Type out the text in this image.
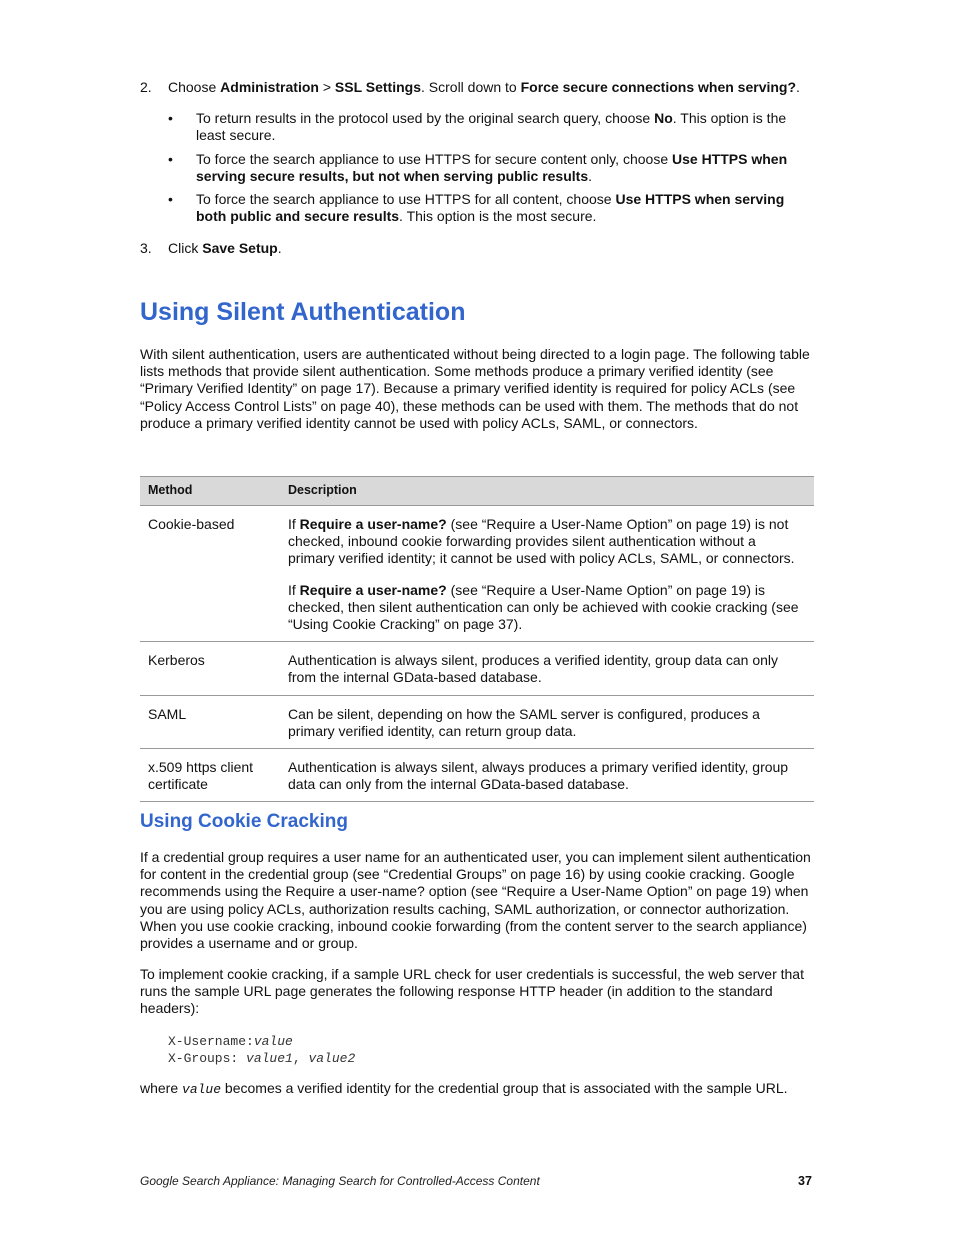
2. Choose Administration > SSL Settings. Scroll down to Force secure connections when serving?.
• To return results in the protocol used by the original search query, choose No. This option is the least secure.
• To force the search appliance to use HTTPS for secure content only, choose Use HTTPS when serving secure results, but not when serving public results.
• To force the search appliance to use HTTPS for all content, choose Use HTTPS when serving both public and secure results. This option is the most secure.
3. Click Save Setup.
Using Silent Authentication
With silent authentication, users are authenticated without being directed to a login page. The following table lists methods that provide silent authentication. Some methods produce a primary verified identity (see “Primary Verified Identity” on page 17). Because a primary verified identity is required for policy ACLs (see “Policy Access Control Lists” on page 40), these methods can be used with them. The methods that do not produce a primary verified identity cannot be used with policy ACLs, SAML, or connectors.
Method	Description
Cookie-based	If Require a user-name? (see “Require a User-Name Option” on page 19) is not checked, inbound cookie forwarding provides silent authentication without a primary verified identity; it cannot be used with policy ACLs, SAML, or connectors.

If Require a user-name? (see “Require a User-Name Option” on page 19) is checked, then silent authentication can only be achieved with cookie cracking (see “Using Cookie Cracking” on page 37).

Kerberos	Authentication is always silent, produces a verified identity, group data can only from the internal GData-based database.
SAML	Can be silent, depending on how the SAML server is configured, produces a primary verified identity, can return group data.
x.509 https client certificate	Authentication is always silent, always produces a primary verified identity, group data can only from the internal GData-based database.
Using Cookie Cracking
If a credential group requires a user name for an authenticated user, you can implement silent authentication for content in the credential group (see “Credential Groups” on page 16) by using cookie cracking. Google recommends using the Require a user-name? option (see “Require a User-Name Option” on page 19) when you are using policy ACLs, authorization results caching, SAML authorization, or connector authorization. When you use cookie cracking, inbound cookie forwarding (from the content server to the search appliance) provides a username and or group.
To implement cookie cracking, if a sample URL check for user credentials is successful, the web server that runs the sample URL page generates the following response HTTP header (in addition to the standard headers):
X-Username:value
X-Groups: value1, value2
where value becomes a verified identity for the credential group that is associated with the sample URL.
Google Search Appliance: Managing Search for Controlled-Access Content	37
